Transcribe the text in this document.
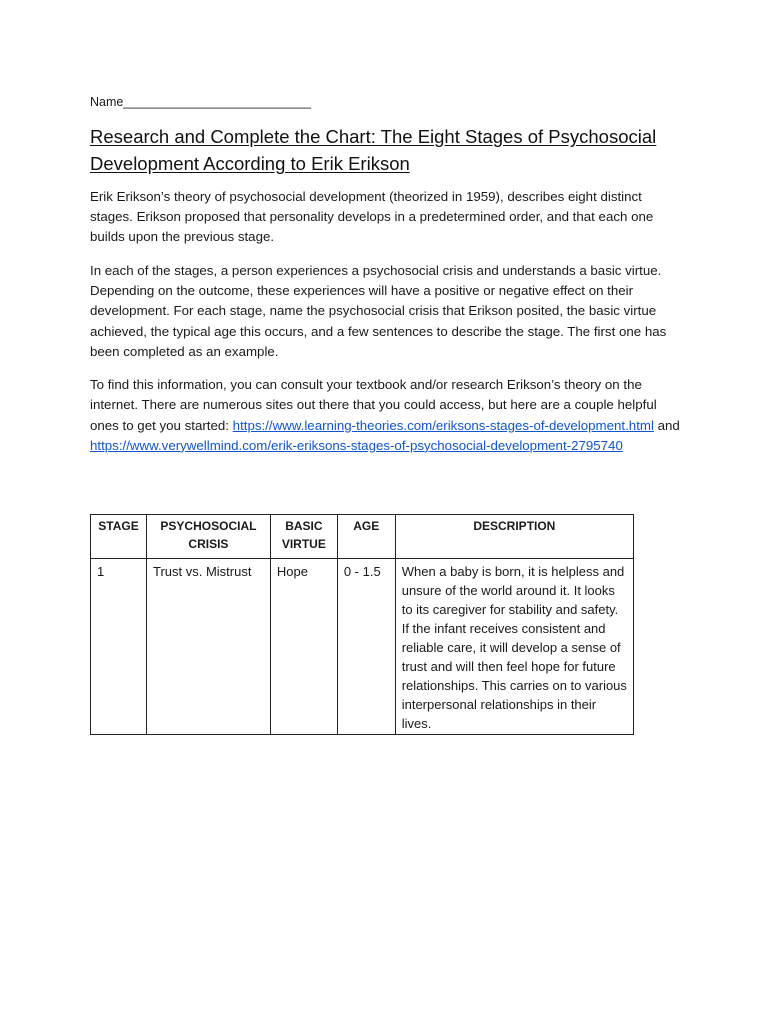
Name___________________________
Research and Complete the Chart: The Eight Stages of Psychosocial Development According to Erik Erikson

Erik Erikson’s theory of psychosocial development (theorized in 1959), describes eight distinct stages. Erikson proposed that personality develops in a predetermined order, and that each one builds upon the previous stage.

In each of the stages, a person experiences a psychosocial crisis and understands a basic virtue. Depending on the outcome, these experiences will have a positive or negative effect on their development. For each stage, name the psychosocial crisis that Erikson posited, the basic virtue achieved, the typical age this occurs, and a few sentences to describe the stage. The first one has been completed as an example.

To find this information, you can consult your textbook and/or research Erikson’s theory on the internet. There are numerous sites out there that you could access, but here are a couple helpful ones to get you started: https://www.learning-theories.com/eriksons-stages-of-development.html and https://www.verywellmind.com/erik-eriksons-stages-of-psychosocial-development-2795740

STAGE	PSYCHOSOCIAL CRISIS	BASIC VIRTUE	AGE	DESCRIPTION
1	Trust vs. Mistrust	Hope	0 - 1.5	When a baby is born, it is helpless and unsure of the world around it. It looks to its caregiver for stability and safety. If the infant receives consistent and reliable care, it will develop a sense of trust and will then feel hope for future relationships. This carries on to various interpersonal relationships in their lives.
